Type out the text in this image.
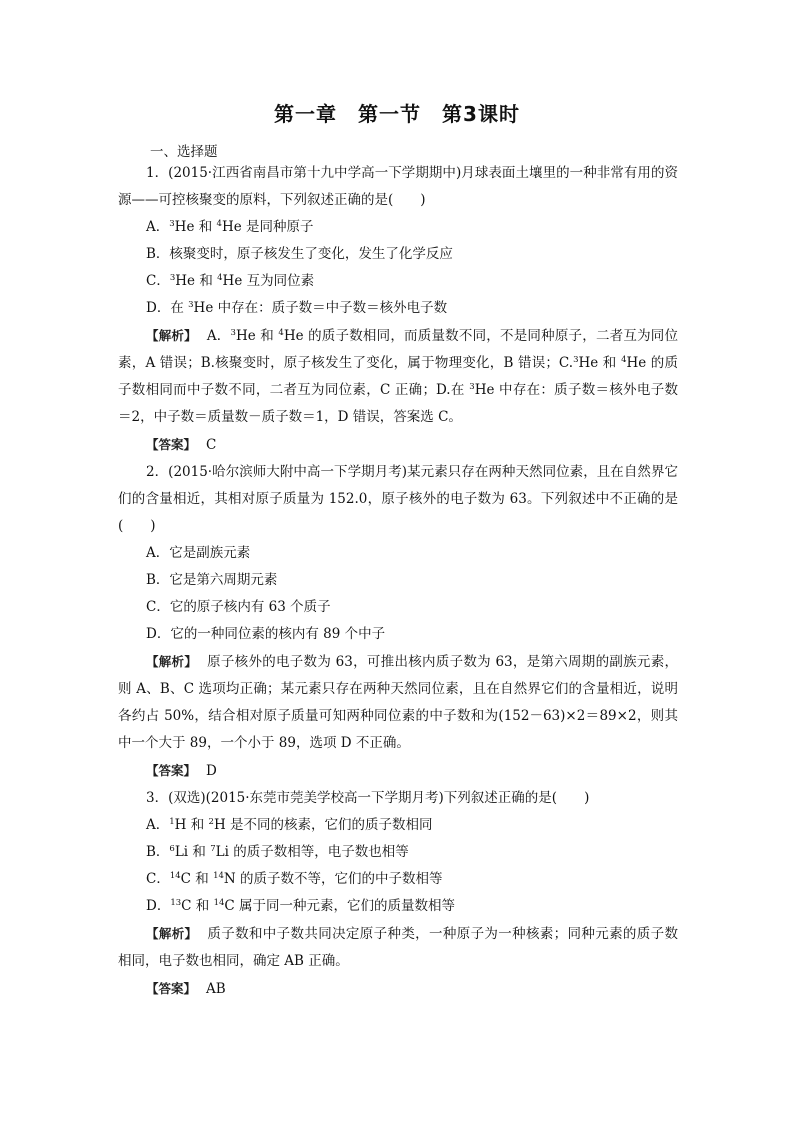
第一章　第一节　第3课时
一、选择题

1．(2015·江西省南昌市第十九中学高一下学期期中)月球表面土壤里的一种非常有用的资源——可控核聚变的原料，下列叙述正确的是(　　)

A．$^3$He 和 $^4$He 是同种原子

B．核聚变时，原子核发生了变化，发生了化学反应

C．$^3$He 和 $^4$He 互为同位素

D．在 $^3$He 中存在：质子数＝中子数＝核外电子数

【解析】 A．$^3$He 和 $^4$He 的质子数相同，而质量数不同，不是同种原子，二者互为同位素，A 错误；B.核聚变时，原子核发生了变化，属于物理变化，B 错误；C.$^3$He 和 $^4$He 的质子数相同而中子数不同，二者互为同位素，C 正确；D.在 $^3$He 中存在：质子数＝核外电子数＝2，中子数＝质量数－质子数＝1，D 错误，答案选 C。

【答案】 C

2．(2015·哈尔滨师大附中高一下学期月考)某元素只存在两种天然同位素，且在自然界它们的含量相近，其相对原子质量为 152.0，原子核外的电子数为 63。下列叙述中不正确的是(　　)

A．它是副族元素

B．它是第六周期元素

C．它的原子核内有 63 个质子

D．它的一种同位素的核内有 89 个中子

【解析】 原子核外的电子数为 63，可推出核内质子数为 63，是第六周期的副族元素，则 A、B、C 选项均正确；某元素只存在两种天然同位素，且在自然界它们的含量相近，说明各约占 50%，结合相对原子质量可知两种同位素的中子数和为(152－63)×2＝89×2，则其中一个大于 89，一个小于 89，选项 D 不正确。

【答案】 D

3．(双选)(2015·东莞市莞美学校高一下学期月考)下列叙述正确的是(　　)

A．$^1$H 和 $^2$H 是不同的核素，它们的质子数相同

B．$^6$Li 和 $^7$Li 的质子数相等，电子数也相等

C．$^{14}$C 和 $^{14}$N 的质子数不等，它们的中子数相等

D．$^{13}$C 和 $^{14}$C 属于同一种元素，它们的质量数相等

【解析】 质子数和中子数共同决定原子种类，一种原子为一种核素；同种元素的质子数相同，电子数也相同，确定 AB 正确。

【答案】 AB
